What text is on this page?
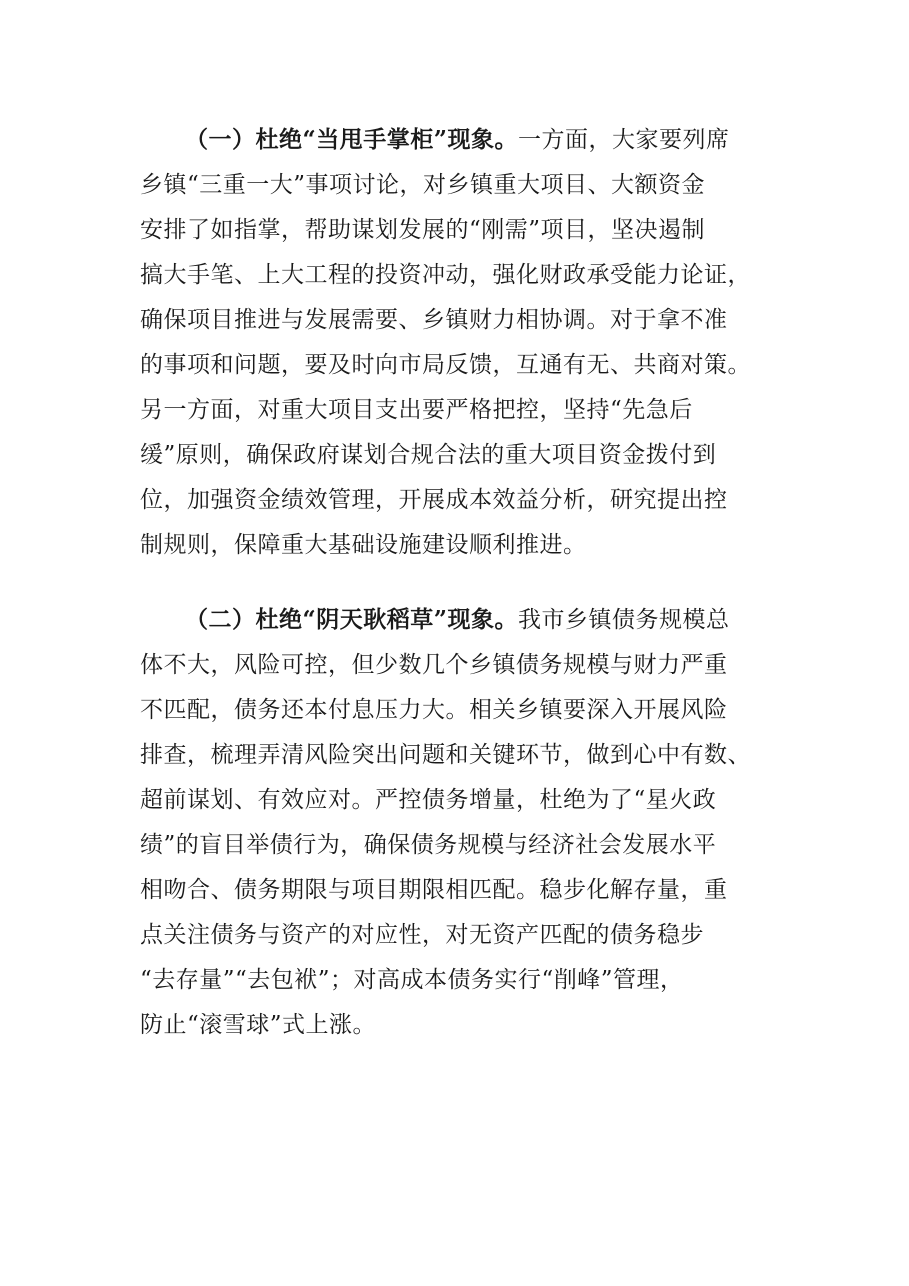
（一）杜绝“当甩手掌柜”现象。一方面，大家要列席
乡镇“三重一大”事项讨论，对乡镇重大项目、大额资金
安排了如指掌，帮助谋划发展的“刚需”项目，坚决遏制
搞大手笔、上大工程的投资冲动，强化财政承受能力论证，
确保项目推进与发展需要、乡镇财力相协调。对于拿不准
的事项和问题，要及时向市局反馈，互通有无、共商对策。
另一方面，对重大项目支出要严格把控，坚持“先急后
缓”原则，确保政府谋划合规合法的重大项目资金拨付到
位，加强资金绩效管理，开展成本效益分析，研究提出控
制规则，保障重大基础设施建设顺利推进。
（二）杜绝“阴天耿稻草”现象。我市乡镇债务规模总
体不大，风险可控，但少数几个乡镇债务规模与财力严重
不匹配，债务还本付息压力大。相关乡镇要深入开展风险
排查，梳理弄清风险突出问题和关键环节，做到心中有数、
超前谋划、有效应对。严控债务增量，杜绝为了“星火政
绩”的盲目举债行为，确保债务规模与经济社会发展水平
相吻合、债务期限与项目期限相匹配。稳步化解存量，重
点关注债务与资产的对应性，对无资产匹配的债务稳步
“去存量”“去包袱”；对高成本债务实行“削峰”管理，
防止“滚雪球”式上涨。
